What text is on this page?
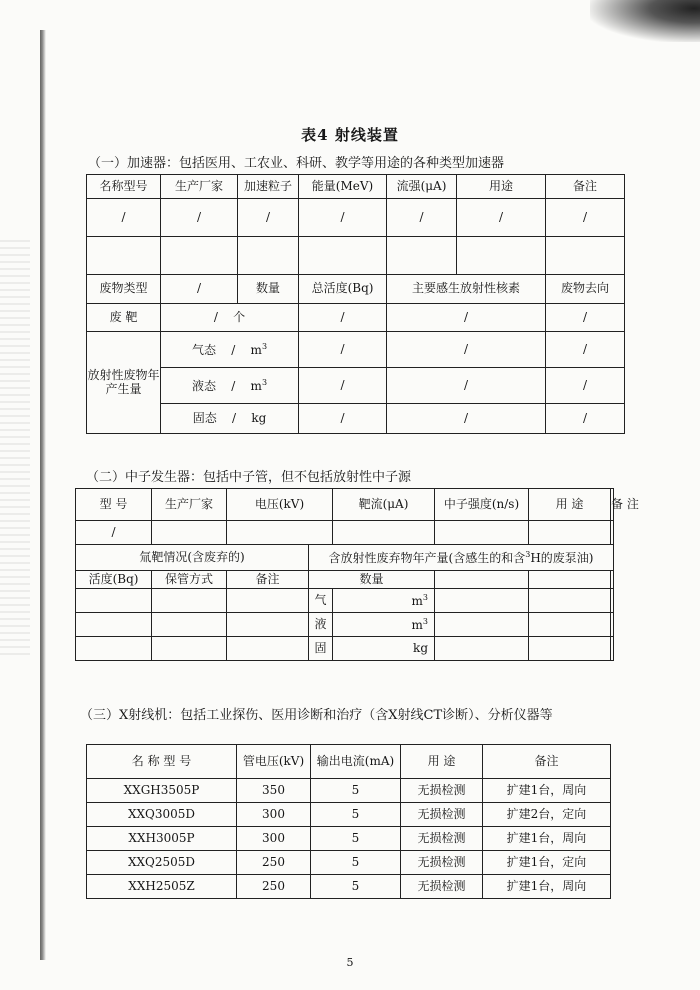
表4 射线装置
（一）加速器：包括医用、工农业、科研、教学等用途的各种类型加速器
名称型号	生产厂家	加速粒子	能量(MeV)	流强(μA)	用途	备注
/	/	/	/	/	/	/

废物类型	/	数量	总活度(Bq)	主要感生放射性核素		废物去向
废 靶	/ 个		/	/		/
放射性废物年产生量	气态 / $m^3$		/	/		/
	液态 / $m^3$		/	/		/
	固态 / kg		/	/		/
（二）中子发生器：包括中子管，但不包括放射性中子源
型 号	生产厂家	电压(kV)		靶流(μA)	中子强度(n/s)	用 途	备 注
/							
氚靶情况(含废弃的)			含放射性废弃物年产量(含感生的和含$^3$H的废泵油)				
活度(Bq)	保管方式	备注	数量				
			气	$m^3$			
			液	$m^3$			
			固	kg			
（三）X射线机：包括工业探伤、医用诊断和治疗（含X射线CT诊断）、分析仪器等
名 称 型 号	管电压(kV)	输出电流(mA)	用 途	备注
XXGH3505P	350	5	无损检测	扩建1台，周向
XXQ3005D	300	5	无损检测	扩建2台，定向
XXH3005P	300	5	无损检测	扩建1台，周向
XXQ2505D	250	5	无损检测	扩建1台，定向
XXH2505Z	250	5	无损检测	扩建1台，周向
5
